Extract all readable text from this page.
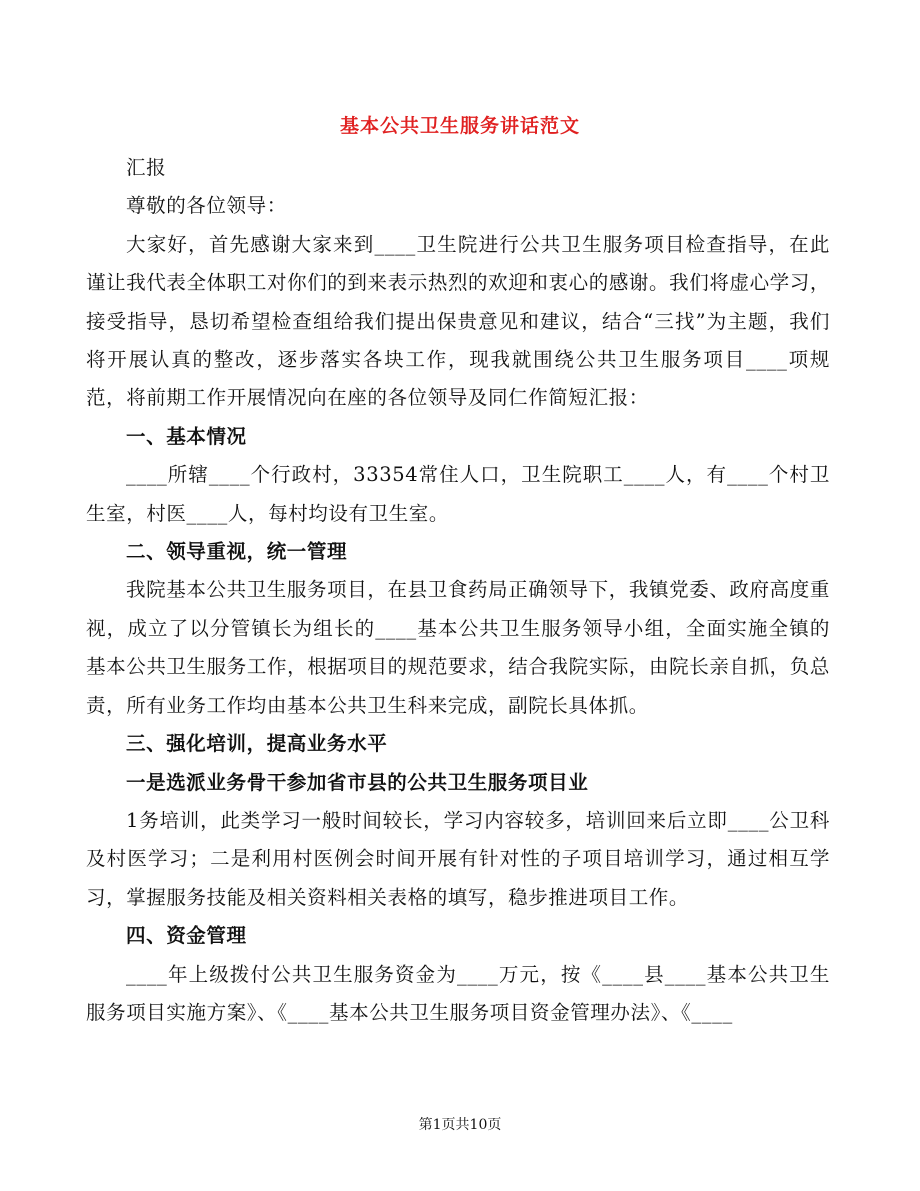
基本公共卫生服务讲话范文

汇报

尊敬的各位领导：

大家好，首先感谢大家来到____卫生院进行公共卫生服务项目检查指导，在此谨让我代表全体职工对你们的到来表示热烈的欢迎和衷心的感谢。我们将虚心学习，接受指导，恳切希望检查组给我们提出保贵意见和建议，结合“三找”为主题，我们将开展认真的整改，逐步落实各块工作，现我就围绕公共卫生服务项目____项规范，将前期工作开展情况向在座的各位领导及同仁作简短汇报：

一、基本情况

____所辖____个行政村，33354常住人口，卫生院职工____人，有____个村卫生室，村医____人，每村均设有卫生室。

二、领导重视，统一管理

我院基本公共卫生服务项目，在县卫食药局正确领导下，我镇党委、政府高度重视，成立了以分管镇长为组长的____基本公共卫生服务领导小组，全面实施全镇的基本公共卫生服务工作，根据项目的规范要求，结合我院实际，由院长亲自抓，负总责，所有业务工作均由基本公共卫生科来完成，副院长具体抓。

三、强化培训，提高业务水平

一是选派业务骨干参加省市县的公共卫生服务项目业

1务培训，此类学习一般时间较长，学习内容较多，培训回来后立即____公卫科及村医学习；二是利用村医例会时间开展有针对性的子项目培训学习，通过相互学习，掌握服务技能及相关资料相关表格的填写，稳步推进项目工作。

四、资金管理

____年上级拨付公共卫生服务资金为____万元，按《____县____基本公共卫生服务项目实施方案》、《____基本公共卫生服务项目资金管理办法》、《____

第1页共10页
